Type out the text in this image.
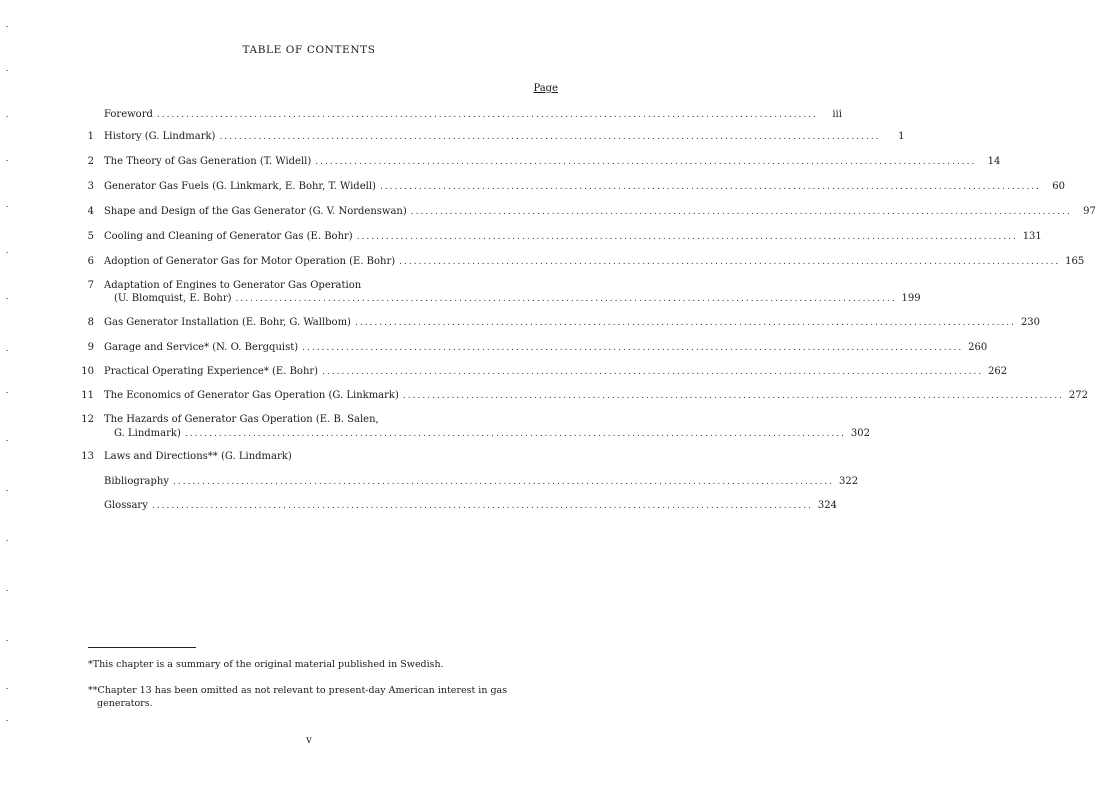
TABLE OF CONTENTS
Page
Foreword ........................................................................................................................................	iii
1 History (G. Lindmark) ........................................................................................................................................	1
2 The Theory of Gas Generation (T. Widell) ........................................................................................................................................	14
3 Generator Gas Fuels (G. Linkmark, E. Bohr, T. Widell) ........................................................................................................................................	60
4 Shape and Design of the Gas Generator (G. V. Nordenswan) ........................................................................................................................................	97
5 Cooling and Cleaning of Generator Gas (E. Bohr) ........................................................................................................................................ 131
6 Adoption of Generator Gas for Motor Operation (E. Bohr) ........................................................................................................................................ 165
7 Adaptation of Engines to Generator Gas Operation
(U. Blomquist, E. Bohr) ........................................................................................................................................ 199
8 Gas Generator Installation (E. Bohr, G. Wallbom) ........................................................................................................................................ 230
9 Garage and Service* (N. O. Bergquist) ........................................................................................................................................ 260
10 Practical Operating Experience* (E. Bohr) ........................................................................................................................................ 262
11 The Economics of Generator Gas Operation (G. Linkmark) ........................................................................................................................................ 272
12 The Hazards of Generator Gas Operation (E. B. Salen,
G. Lindmark) ........................................................................................................................................ 302
13 Laws and Directions** (G. Lindmark)
Bibliography ........................................................................................................................................ 322
Glossary ........................................................................................................................................ 324
*This chapter is a summary of the original material published in Swedish.
**Chapter 13 has been omitted as not relevant to present-day American interest in gas
generators.
v
